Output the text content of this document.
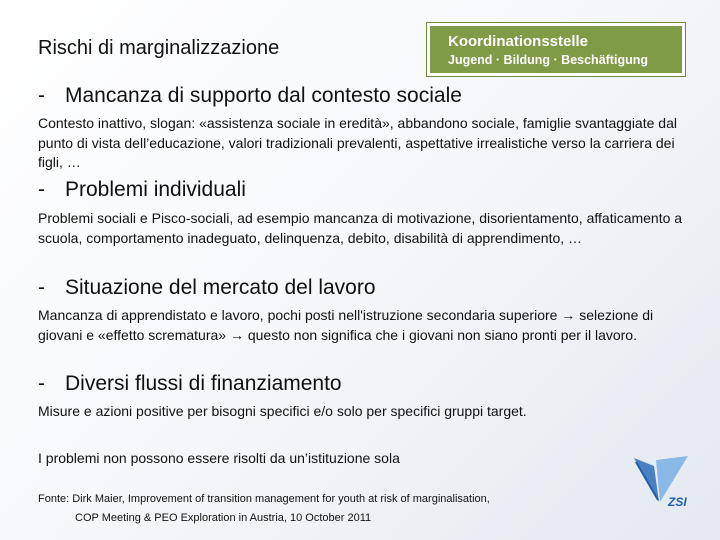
Rischi di marginalizzazione	Koordinationsstelle
Jugend · Bildung · Beschäftigung
- Mancanza di supporto dal contesto sociale
Contesto inattivo, slogan: «assistenza sociale in eredità», abbandono sociale, famiglie svantaggiate dal punto di vista dell’educazione, valori tradizionali prevalenti, aspettative irrealistiche verso la carriera dei figli, …
- Problemi individuali
Problemi sociali e Pisco-sociali, ad esempio mancanza di motivazione, disorientamento, affaticamento a scuola, comportamento inadeguato, delinquenza, debito, disabilità di apprendimento, …
- Situazione del mercato del lavoro
Mancanza di apprendistato e lavoro, pochi posti nell'istruzione secondaria superiore → selezione di giovani e «effetto scrematura» → questo non significa che i giovani non siano pronti per il lavoro.
- Diversi flussi di finanziamento
Misure e azioni positive per bisogni specifici e/o solo per specifici gruppi target.
I problemi non possono essere risolti da un’istituzione sola
Fonte: Dirk Maier, Improvement of transition management for youth at risk of marginalisation,
COP Meeting & PEO Exploration in Austria, 10 October 2011
ZSI
